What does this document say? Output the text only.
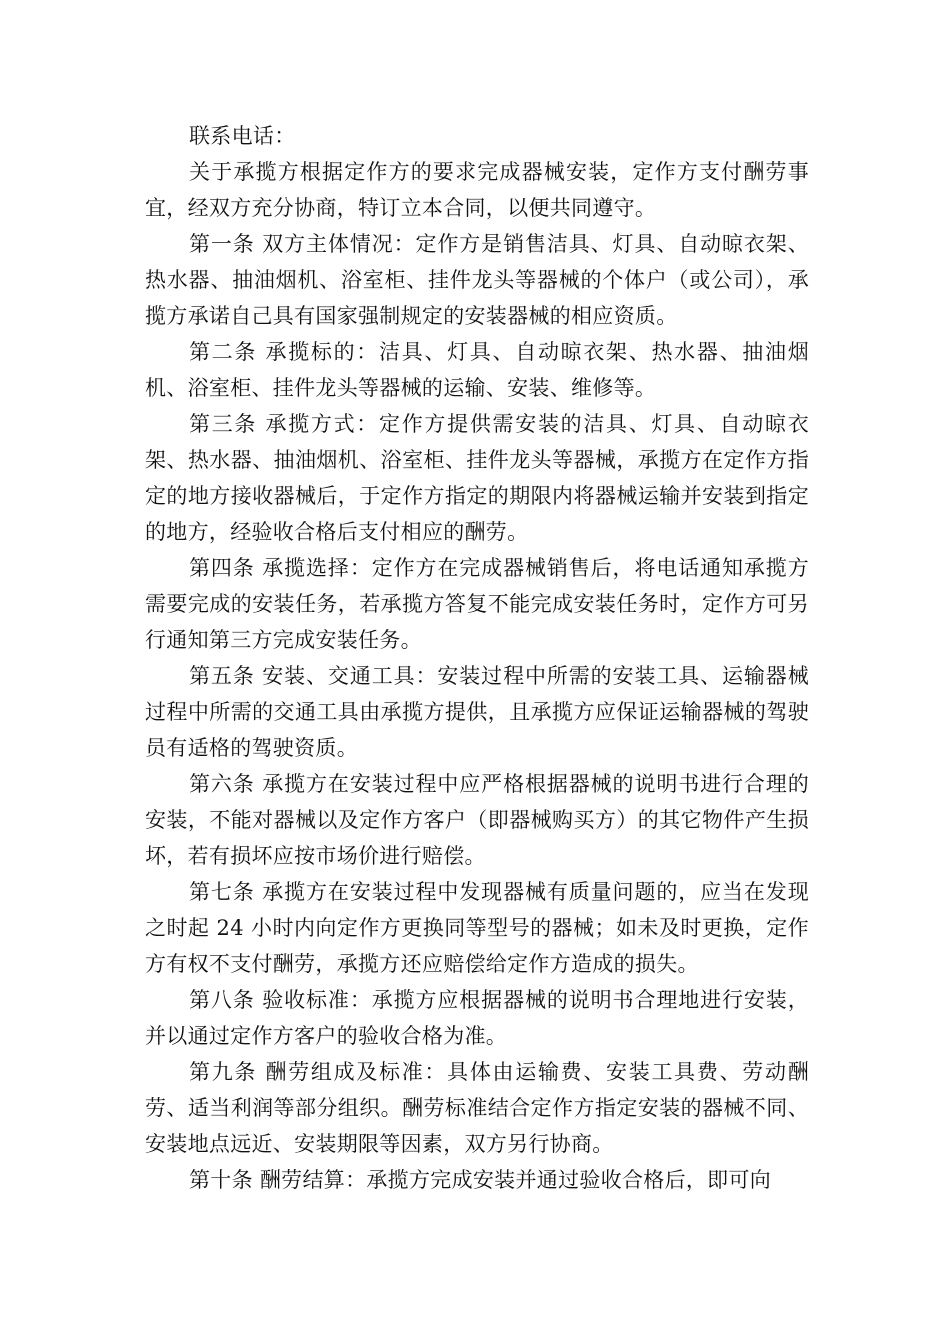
联系电话：

关于承揽方根据定作方的要求完成器械安装，定作方支付酬劳事宜，经双方充分协商，特订立本合同，以便共同遵守。

第一条 双方主体情况：定作方是销售洁具、灯具、自动晾衣架、热水器、抽油烟机、浴室柜、挂件龙头等器械的个体户（或公司），承揽方承诺自己具有国家强制规定的安装器械的相应资质。

第二条 承揽标的：洁具、灯具、自动晾衣架、热水器、抽油烟机、浴室柜、挂件龙头等器械的运输、安装、维修等。

第三条 承揽方式：定作方提供需安装的洁具、灯具、自动晾衣架、热水器、抽油烟机、浴室柜、挂件龙头等器械，承揽方在定作方指定的地方接收器械后，于定作方指定的期限内将器械运输并安装到指定的地方，经验收合格后支付相应的酬劳。

第四条 承揽选择：定作方在完成器械销售后，将电话通知承揽方需要完成的安装任务，若承揽方答复不能完成安装任务时，定作方可另行通知第三方完成安装任务。

第五条 安装、交通工具：安装过程中所需的安装工具、运输器械过程中所需的交通工具由承揽方提供，且承揽方应保证运输器械的驾驶员有适格的驾驶资质。

第六条 承揽方在安装过程中应严格根据器械的说明书进行合理的安装，不能对器械以及定作方客户（即器械购买方）的其它物件产生损坏，若有损坏应按市场价进行赔偿。

第七条 承揽方在安装过程中发现器械有质量问题的，应当在发现之时起 24 小时内向定作方更换同等型号的器械；如未及时更换，定作方有权不支付酬劳，承揽方还应赔偿给定作方造成的损失。

第八条 验收标准：承揽方应根据器械的说明书合理地进行安装，并以通过定作方客户的验收合格为准。

第九条 酬劳组成及标准：具体由运输费、安装工具费、劳动酬劳、适当利润等部分组织。酬劳标准结合定作方指定安装的器械不同、安装地点远近、安装期限等因素，双方另行协商。

第十条 酬劳结算：承揽方完成安装并通过验收合格后，即可向
